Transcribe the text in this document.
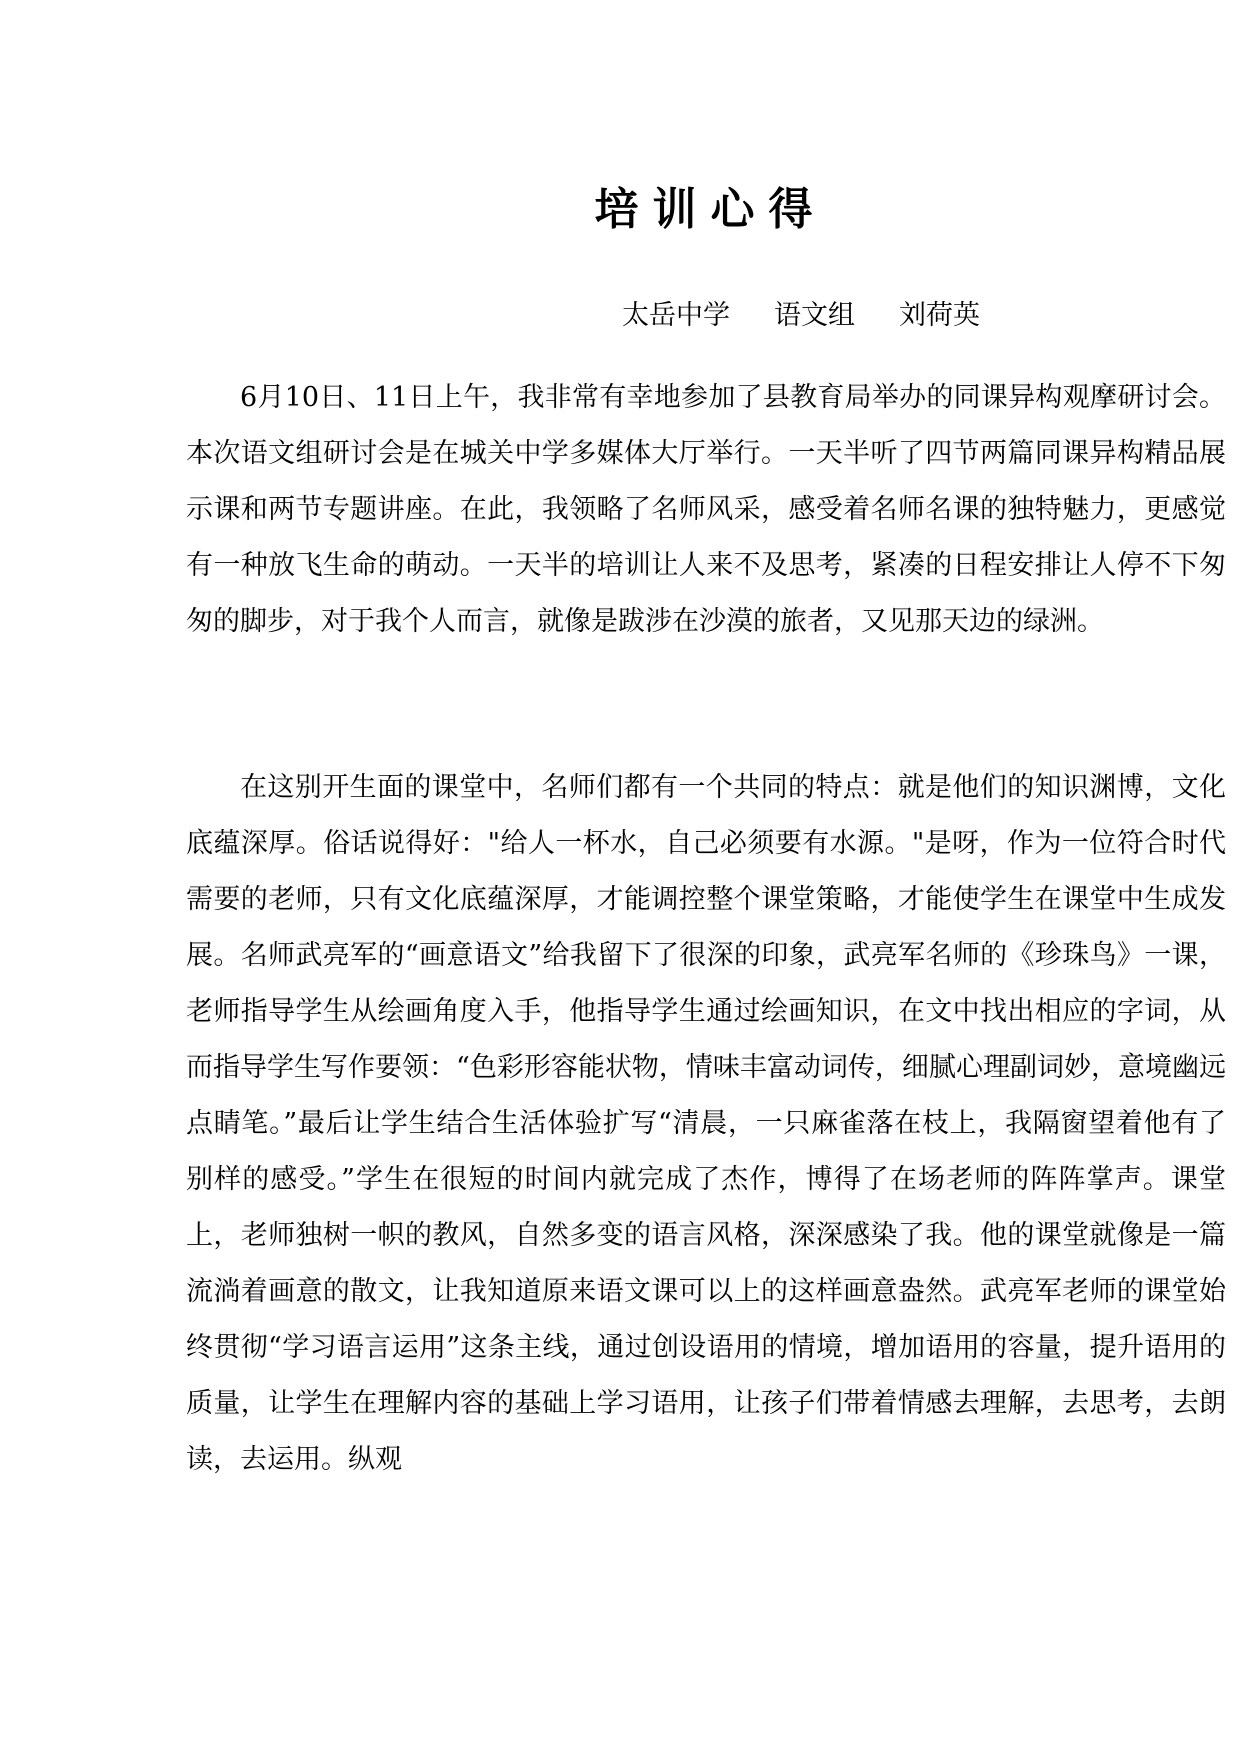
培训心得
太岳中学 语文组 刘荷英

6月10日、11日上午，我非常有幸地参加了县教育局举办的同课异构观摩研讨会。本次语文组研讨会是在城关中学多媒体大厅举行。一天半听了四节两篇同课异构精品展示课和两节专题讲座。在此，我领略了名师风采，感受着名师名课的独特魅力，更感觉有一种放飞生命的萌动。一天半的培训让人来不及思考，紧凑的日程安排让人停不下匆匆的脚步，对于我个人而言，就像是跋涉在沙漠的旅者，又见那天边的绿洲。

在这别开生面的课堂中，名师们都有一个共同的特点：就是他们的知识渊博，文化底蕴深厚。俗话说得好："给人一杯水，自己必须要有水源。"是呀，作为一位符合时代需要的老师，只有文化底蕴深厚，才能调控整个课堂策略，才能使学生在课堂中生成发展。名师武亮军的“画意语文”给我留下了很深的印象，武亮军名师的《珍珠鸟》一课，老师指导学生从绘画角度入手，他指导学生通过绘画知识，在文中找出相应的字词，从而指导学生写作要领：“色彩形容能状物，情味丰富动词传，细腻心理副词妙，意境幽远点睛笔。”最后让学生结合生活体验扩写“清晨，一只麻雀落在枝上，我隔窗望着他有了别样的感受。”学生在很短的时间内就完成了杰作，博得了在场老师的阵阵掌声。课堂上，老师独树一帜的教风，自然多变的语言风格，深深感染了我。他的课堂就像是一篇流淌着画意的散文，让我知道原来语文课可以上的这样画意盎然。武亮军老师的课堂始终贯彻“学习语言运用”这条主线，通过创设语用的情境，增加语用的容量，提升语用的质量，让学生在理解内容的基础上学习语用，让孩子们带着情感去理解，去思考，去朗读，去运用。纵观
